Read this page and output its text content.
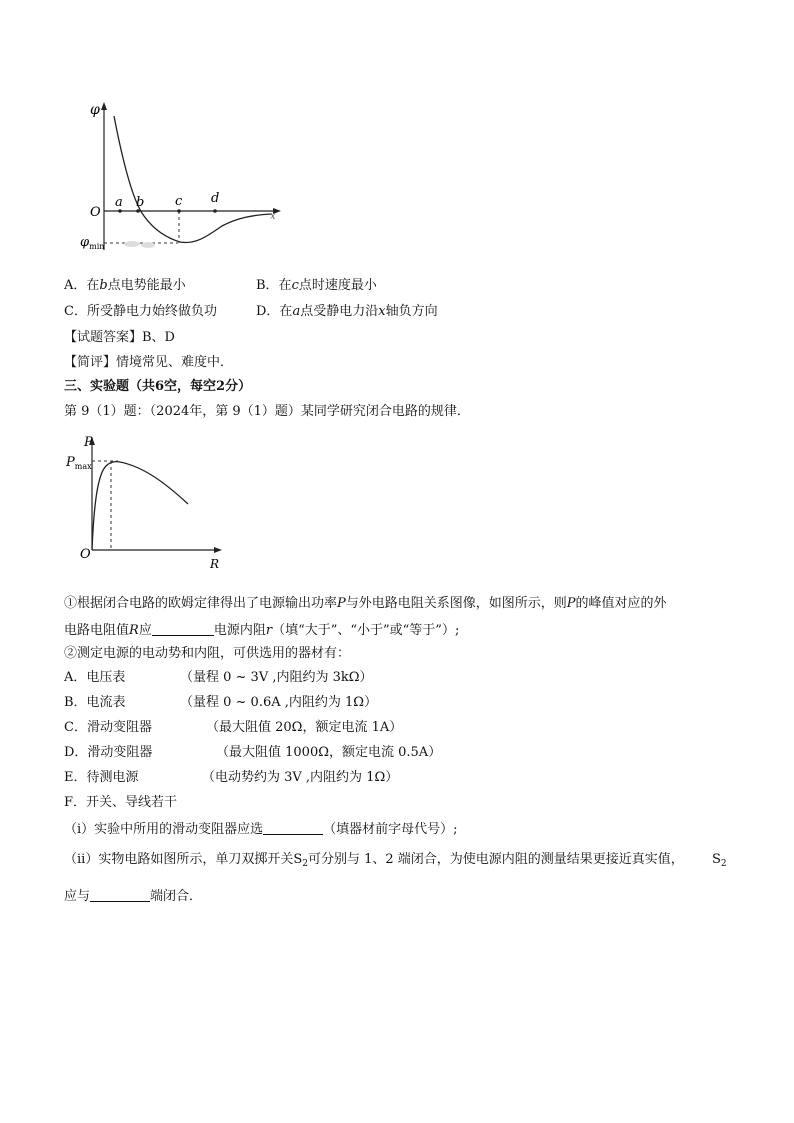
φ
O
a b c d
x
$\varphi_{min}$
A．在b点电势能最小	B．在c点时速度最小
C．所受静电力始终做负功	D．在a点受静电力沿x轴负方向
【试题答案】B、D
【简评】情境常见、难度中．
三、实验题（共6空，每空2分）
第 9（1）题：（2024年，第 9（1）题）某同学研究闭合电路的规律．
P
$P_{max}$
O
R
①根据闭合电路的欧姆定律得出了电源输出功率P与外电路电阻关系图像，如图所示，则P的峰值对应的外
电路电阻值R应	电源内阻r（填“大于”、“小于”或“等于”）;
②测定电源的电动势和内阻，可供选用的器材有：
A．电压表	（量程 0 ~ 3V ,内阻约为 3kΩ）
B．电流表	（量程 0 ~ 0.6A ,内阻约为 1Ω）
C．滑动变阻器	（最大阻值 20Ω，额定电流 1A）
D．滑动变阻器	（最大阻值 1000Ω，额定电流 0.5A）
E．待测电源	（电动势约为 3V ,内阻约为 1Ω）
F．开关、导线若干
（i）实验中所用的滑动变阻器应选	（填器材前字母代号）;
（ii）实物电路如图所示，单刀双掷开关$S_2$可分别与 1、2 端闭合，为使电源内阻的测量结果更接近真实值， $S_2$
应与	端闭合．
